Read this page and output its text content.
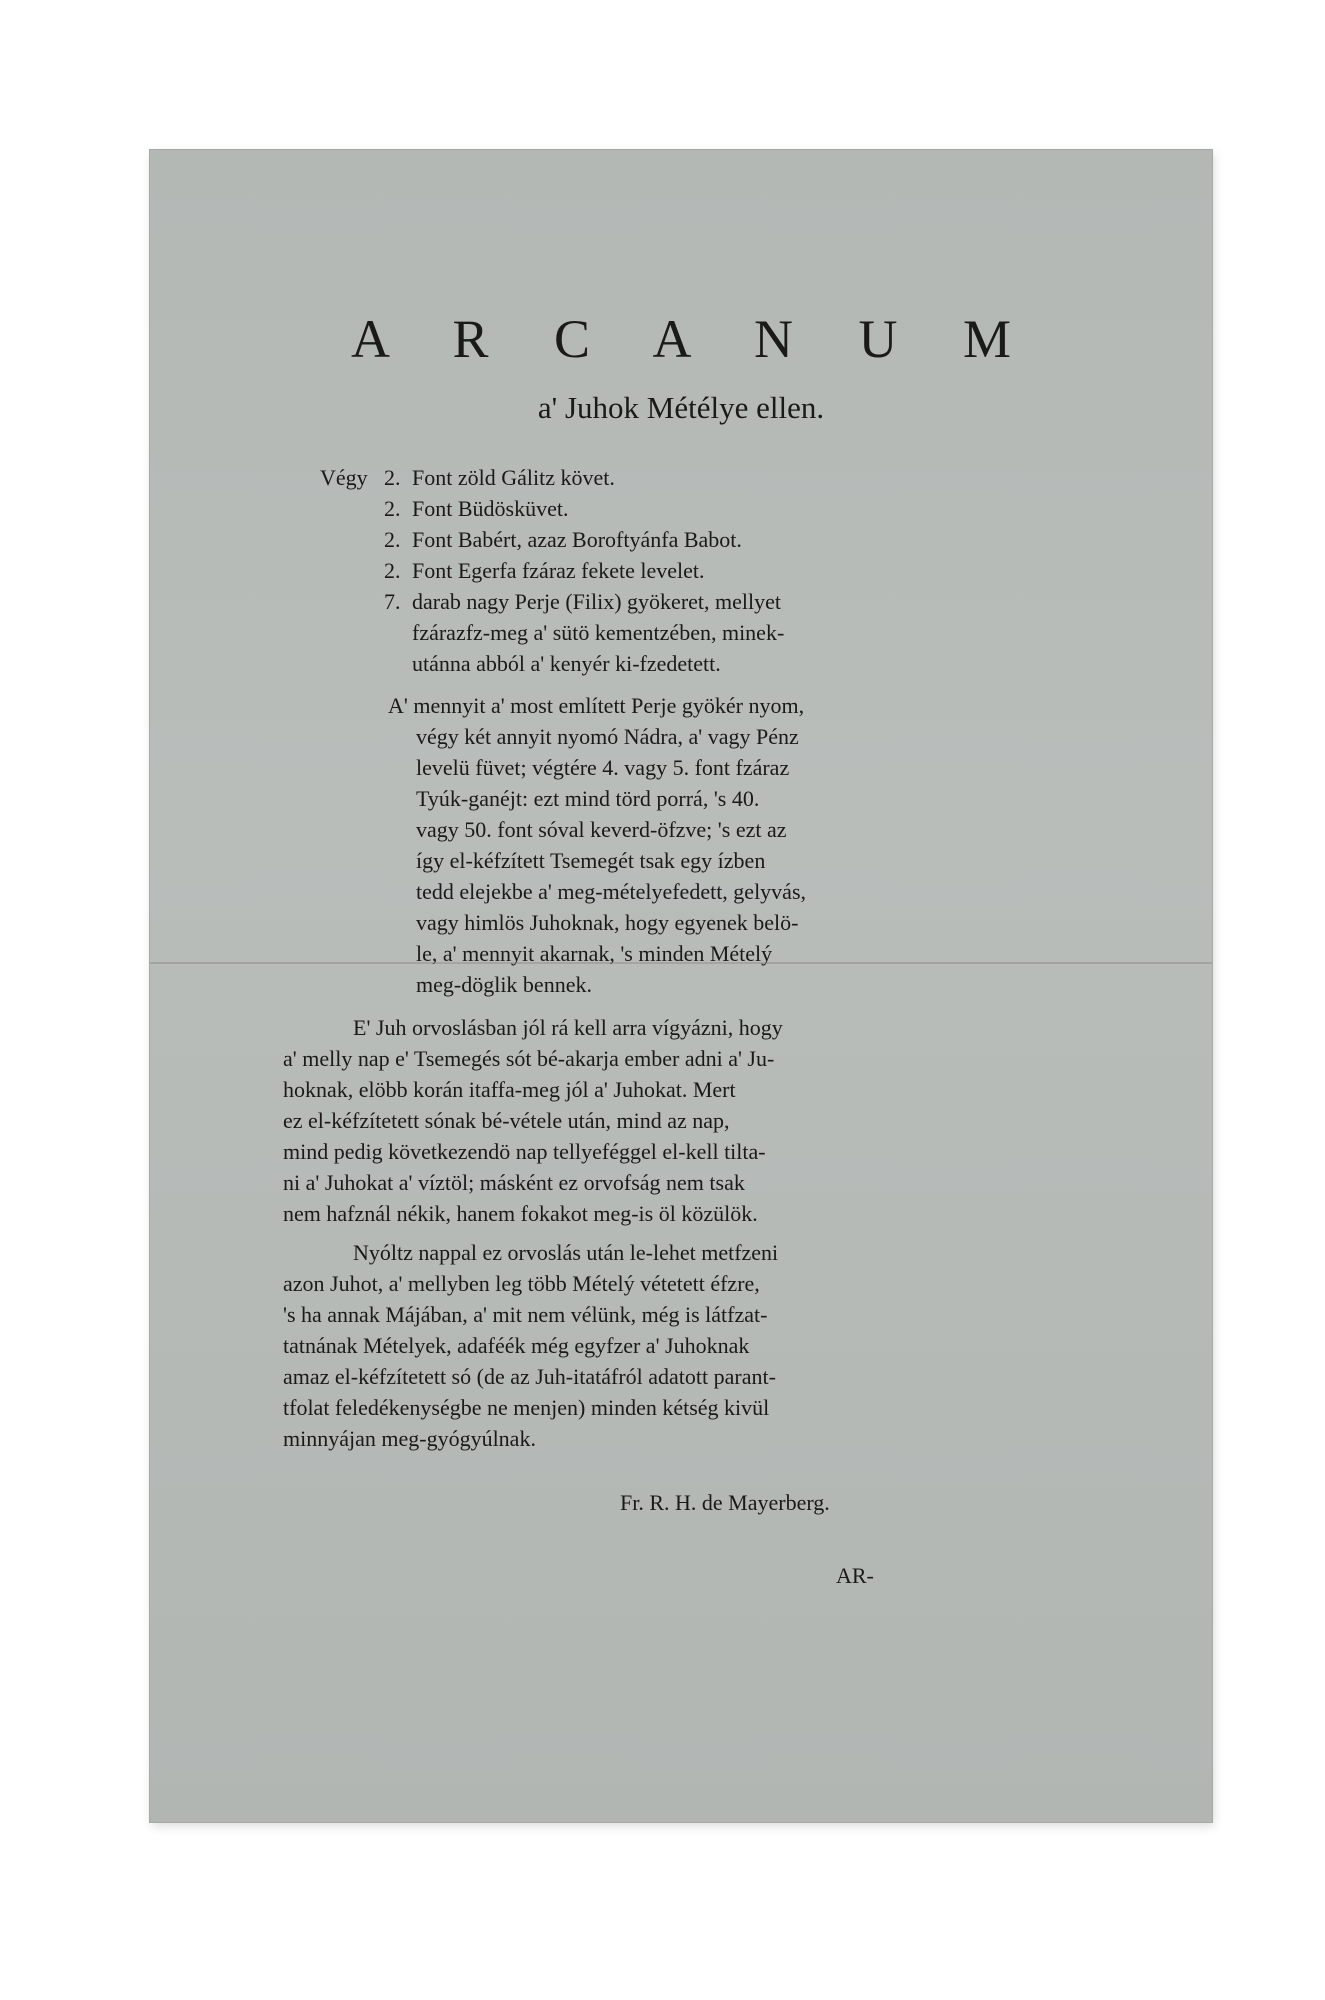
A R C A N U M
a' Juhok Métélye ellen.
Végy 2. Font zöld Gálitz követ.
2. Font Büdösküvet.
2. Font Babért, azaz Boroftyánfa Babot.
2. Font Egerfa fzáraz fekete levelet.
7. darab nagy Perje (Filix) gyökeret, mellyet
fzárazfz-meg a' sütö kementzében, minek-
utánna abból a' kenyér ki-fzedetett.
A' mennyit a' most említett Perje gyökér nyom,
végy két annyit nyomó Nádra, a' vagy Pénz
levelü füvet; végtére 4. vagy 5. font fzáraz
Tyúk-ganéjt: ezt mind törd porrá, 's 40.
vagy 50. font sóval keverd-öfzve; 's ezt az
így el-kéfzített Tsemegét tsak egy ízben
tedd elejekbe a' meg-mételyefedett, gelyvás,
vagy himlös Juhoknak, hogy egyenek belö-
le, a' mennyit akarnak, 's minden Mételý
meg-döglik bennek.
E' Juh orvoslásban jól rá kell arra vígyázni, hogy
a' melly nap e' Tsemegés sót bé-akarja ember adni a' Ju-
hoknak, elöbb korán itaffa-meg jól a' Juhokat. Mert
ez el-kéfzítetett sónak bé-vétele után, mind az nap,
mind pedig következendö nap tellyeféggel el-kell tilta-
ni a' Juhokat a' víztöl; másként ez orvofság nem tsak
nem hafznál nékik, hanem fokakot meg-is öl közülök.
Nyóltz nappal ez orvoslás után le-lehet metfzeni
azon Juhot, a' mellyben leg több Mételý vétetett éfzre,
's ha annak Májában, a' mit nem vélünk, még is látfzat-
tatnának Mételyek, adaféék még egyfzer a' Juhoknak
amaz el-kéfzítetett só (de az Juh-itatáfról adatott parant-
tfolat feledékenységbe ne menjen) minden kétség kivül
minnyájan meg-gyógyúlnak.
Fr. R. H. de Mayerberg.
AR-
